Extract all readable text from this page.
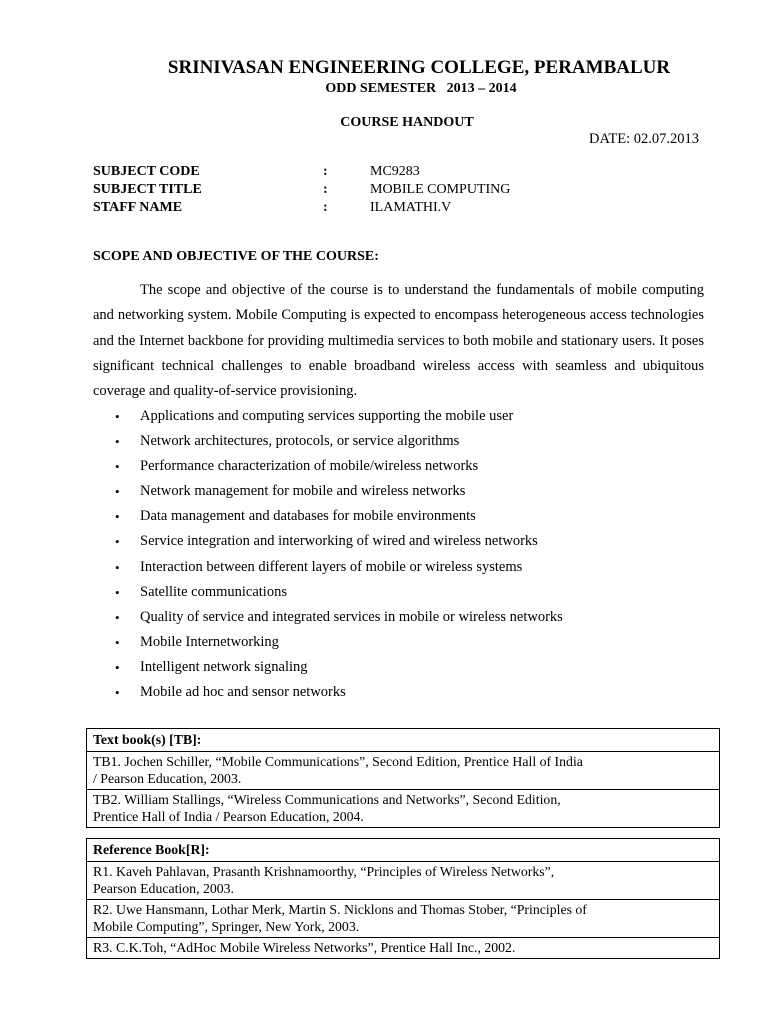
SRINIVASAN ENGINEERING COLLEGE, PERAMBALUR
ODD SEMESTER   2013 – 2014
COURSE HANDOUT
DATE: 02.07.2013
SUBJECT CODE	:	MC9283
SUBJECT TITLE	:	MOBILE COMPUTING
STAFF NAME	:	ILAMATHI.V
SCOPE AND OBJECTIVE OF THE COURSE:

The scope and objective of the course is to understand the fundamentals of mobile computing and networking system. Mobile Computing is expected to encompass heterogeneous access technologies and the Internet backbone for providing multimedia services to both mobile and stationary users. It poses significant technical challenges to enable broadband wireless access with seamless and ubiquitous coverage and quality-of-service provisioning.

• Applications and computing services supporting the mobile user
• Network architectures, protocols, or service algorithms
• Performance characterization of mobile/wireless networks
• Network management for mobile and wireless networks
• Data management and databases for mobile environments
• Service integration and interworking of wired and wireless networks
• Interaction between different layers of mobile or wireless systems
• Satellite communications
• Quality of service and integrated services in mobile or wireless networks
• Mobile Internetworking
• Intelligent network signaling
• Mobile ad hoc and sensor networks
Text book(s) [TB]:

TB1. Jochen Schiller, “Mobile Communications”, Second Edition, Prentice Hall of India
/ Pearson Education, 2003.

TB2. William Stallings, “Wireless Communications and Networks”, Second Edition,
Prentice Hall of India / Pearson Education, 2004.
Reference Book[R]:

R1. Kaveh Pahlavan, Prasanth Krishnamoorthy, “Principles of Wireless Networks”,
Pearson Education, 2003.

R2. Uwe Hansmann, Lothar Merk, Martin S. Nicklons and Thomas Stober, “Principles of
Mobile Computing”, Springer, New York, 2003.

R3. C.K.Toh, “AdHoc Mobile Wireless Networks”, Prentice Hall Inc., 2002.
